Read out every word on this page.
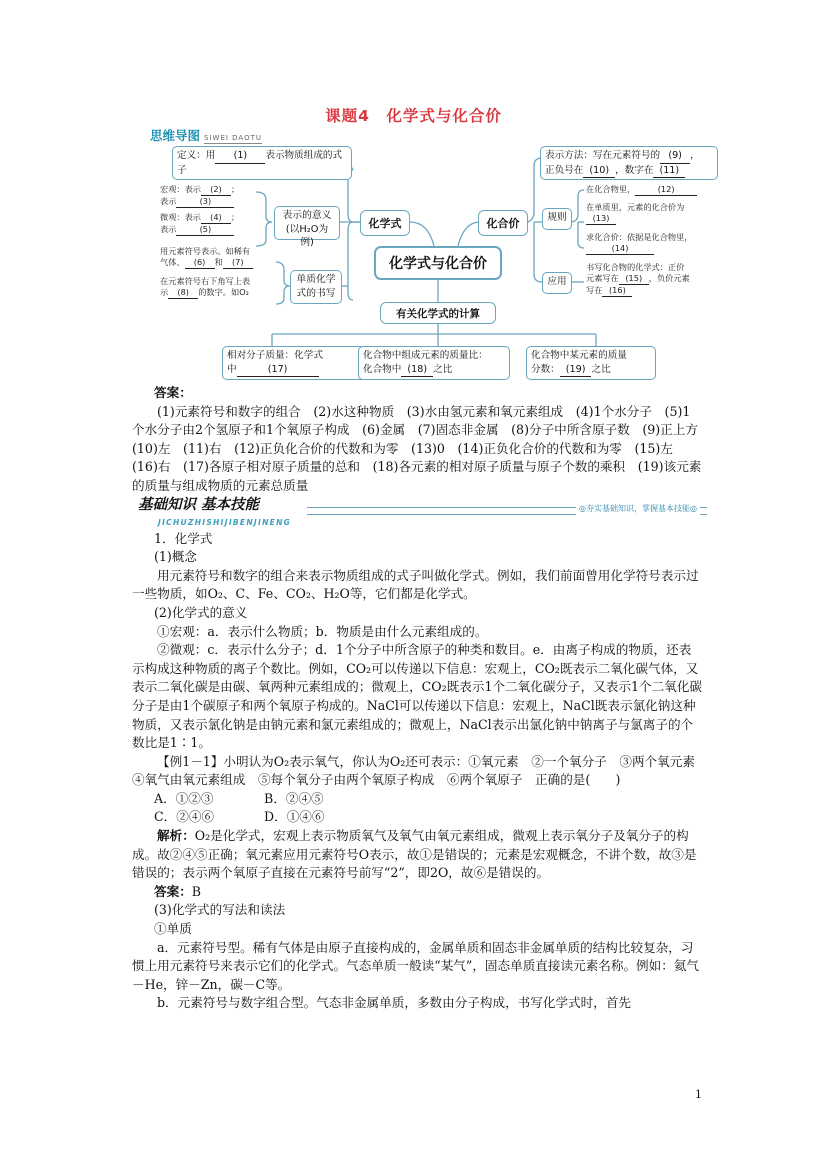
课题4　化学式与化合价
思维导图 SIWEI DAOTU
定义：用 (1) 表示物质组成的式子
宏观：表示 (2) ；
表示	(3)
微观：表示 (4) ；
表示	(5)
表示的意义
(以H₂O为例)
用元素符号表示。如稀有
气体、 (6) 和 (7)
在元素符号右下角写上表
示 (8) 的数字。如O₂
单质化学
式的书写
化学式
化学式与化合价
化合价
有关化学式的计算
表示方法：写在元素符号的 (9) ，
正负号在 (10) ，数字在 (11)
规则
在化合物里，	(12)
在单质里，元素的化合价为
(13)
求化合价：依据是化合物里，
(14)
应用
书写化合物的化学式：正价
元素写在 (15) ，负价元素
写在 (16)
相对分子质量：化学式
中	(17)
化合物中组成元素的质量比：
化合物中 (18) 之比
化合物中某元素的质量
分数： (19) 之比

答案：

(1)元素符号和数字的组合　(2)水这种物质　(3)水由氢元素和氧元素组成　(4)1个水分子　(5)1个水分子由2个氢原子和1个氧原子构成　(6)金属　(7)固态非金属　(8)分子中所含原子数　(9)正上方　(10)左　(11)右　(12)正负化合价的代数和为零　(13)0　(14)正负化合价的代数和为零　(15)左　(16)右　(17)各原子相对原子质量的总和　(18)各元素的相对原子质量与原子个数的乘积　(19)该元素的质量与组成物质的元素总质量

基础知识 基本技能
JICHUZHISHIJIBENJINENG
◎夯实基础知识，掌握基本技能◎

1．化学式

(1)概念

用元素符号和数字的组合来表示物质组成的式子叫做化学式。例如，我们前面曾用化学符号表示过一些物质，如O₂、C、Fe、CO₂、H₂O等，它们都是化学式。

(2)化学式的意义

①宏观：a．表示什么物质；b．物质是由什么元素组成的。

②微观：c．表示什么分子；d．1个分子中所含原子的种类和数目。e．由离子构成的物质，还表示构成这种物质的离子个数比。例如，CO₂可以传递以下信息：宏观上，CO₂既表示二氧化碳气体，又表示二氧化碳是由碳、氧两种元素组成的；微观上，CO₂既表示1个二氧化碳分子，又表示1个二氧化碳分子是由1个碳原子和两个氧原子构成的。NaCl可以传递以下信息：宏观上，NaCl既表示氯化钠这种物质，又表示氯化钠是由钠元素和氯元素组成的；微观上，NaCl表示出氯化钠中钠离子与氯离子的个数比是1∶1。

【例1－1】小明认为O₂表示氧气，你认为O₂还可表示：①氧元素　②一个氧分子　③两个氧元素　④氧气由氧元素组成　⑤每个氧分子由两个氧原子构成　⑥两个氧原子　正确的是(　　)

A．①②③	B．②④⑤
C．②④⑥	D．①④⑥

解析：O₂是化学式，宏观上表示物质氧气及氧气由氧元素组成，微观上表示氧分子及氧分子的构成。故②④⑤正确；氧元素应用元素符号O表示，故①是错误的；元素是宏观概念，不讲个数，故③是错误的；表示两个氧原子直接在元素符号前写“2”，即2O，故⑥是错误的。

答案：B

(3)化学式的写法和读法

①单质

a．元素符号型。稀有气体是由原子直接构成的，金属单质和固态非金属单质的结构比较复杂，习惯上用元素符号来表示它们的化学式。气态单质一般读“某气”，固态单质直接读元素名称。例如：氦气－He，锌－Zn，碳－C等。

b．元素符号与数字组合型。气态非金属单质，多数由分子构成，书写化学式时，首先

1
